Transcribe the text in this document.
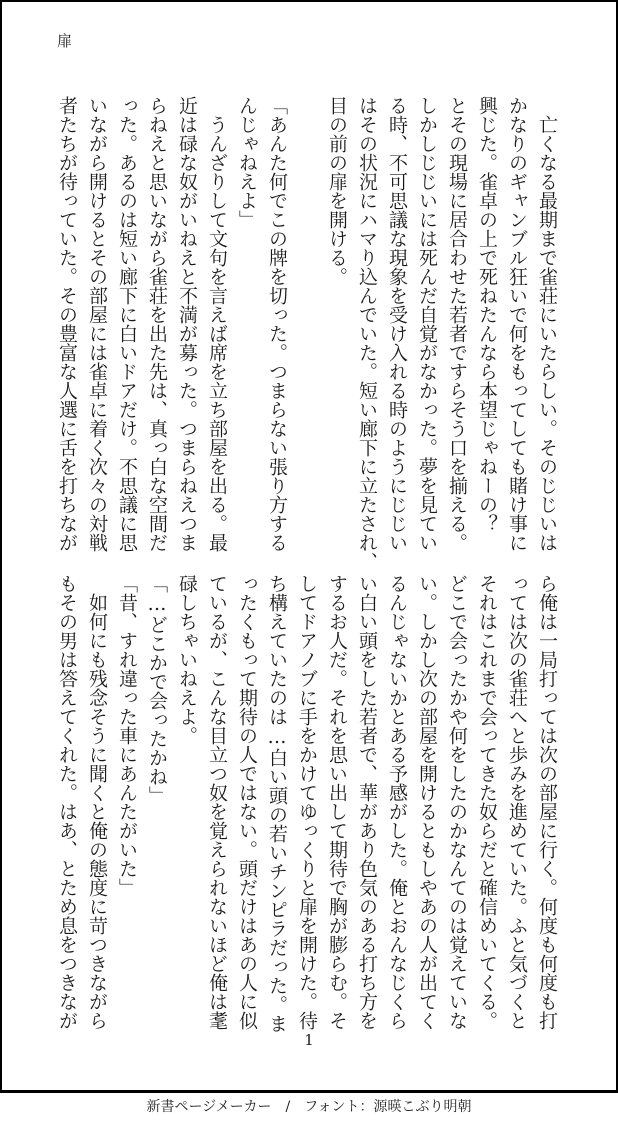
扉
　亡くなる最期まで雀荘にいたらしい。そのじじいは
かなりのギャンブル狂いで何をもってしても賭け事に
興じた。雀卓の上で死ねたんなら本望じゃねーの？
とその現場に居合わせた若者ですらそう口を揃える。
しかしじじいには死んだ自覚がなかった。夢を見てい
る時、不可思議な現象を受け入れる時のようにじじい
はその状況にハマり込んでいた。短い廊下に立たされ、
目の前の扉を開ける。

「あんた何でこの牌を切った。つまらない張り方する
んじゃねえよ」
　うんざりして文句を言えば席を立ち部屋を出る。最
近は碌な奴がいねえと不満が募った。つまらねえつま
らねえと思いながら雀荘を出た先は、真っ白な空間だ
った。あるのは短い廊下に白いドアだけ。不思議に思
いながら開けるとその部屋には雀卓に着く次々の対戦
者たちが待っていた。その豊富な人選に舌を打ちなが
ら俺は一局打っては次の部屋に行く。何度も何度も打
っては次の雀荘へと歩みを進めていた。ふと気づくと
それはこれまで会ってきた奴らだと確信めいてくる。
どこで会ったかや何をしたのかなんてのは覚えていな
い。しかし次の部屋を開けるともしやあの人が出てく
るんじゃないかとある予感がした。俺とおんなじくら
い白い頭をした若者で、華があり色気のある打ち方を
するお人だ。それを思い出して期待で胸が膨らむ。そ
してドアノブに手をかけてゆっくりと扉を開けた。待
ち構えていたのは…白い頭の若いチンピラだった。ま
ったくもって期待の人ではない。頭だけはあの人に似
ているが、こんな目立つ奴を覚えられないほど俺は耄
碌しちゃいねえよ。
「…どこかで会ったかね」
「昔、すれ違った車にあんたがいた」
　如何にも残念そうに聞くと俺の態度に苛つきながら
もその男は答えてくれた。はあ、とため息をつきなが
1
新書ページメーカー　/　フォント：源暎こぶり明朝
